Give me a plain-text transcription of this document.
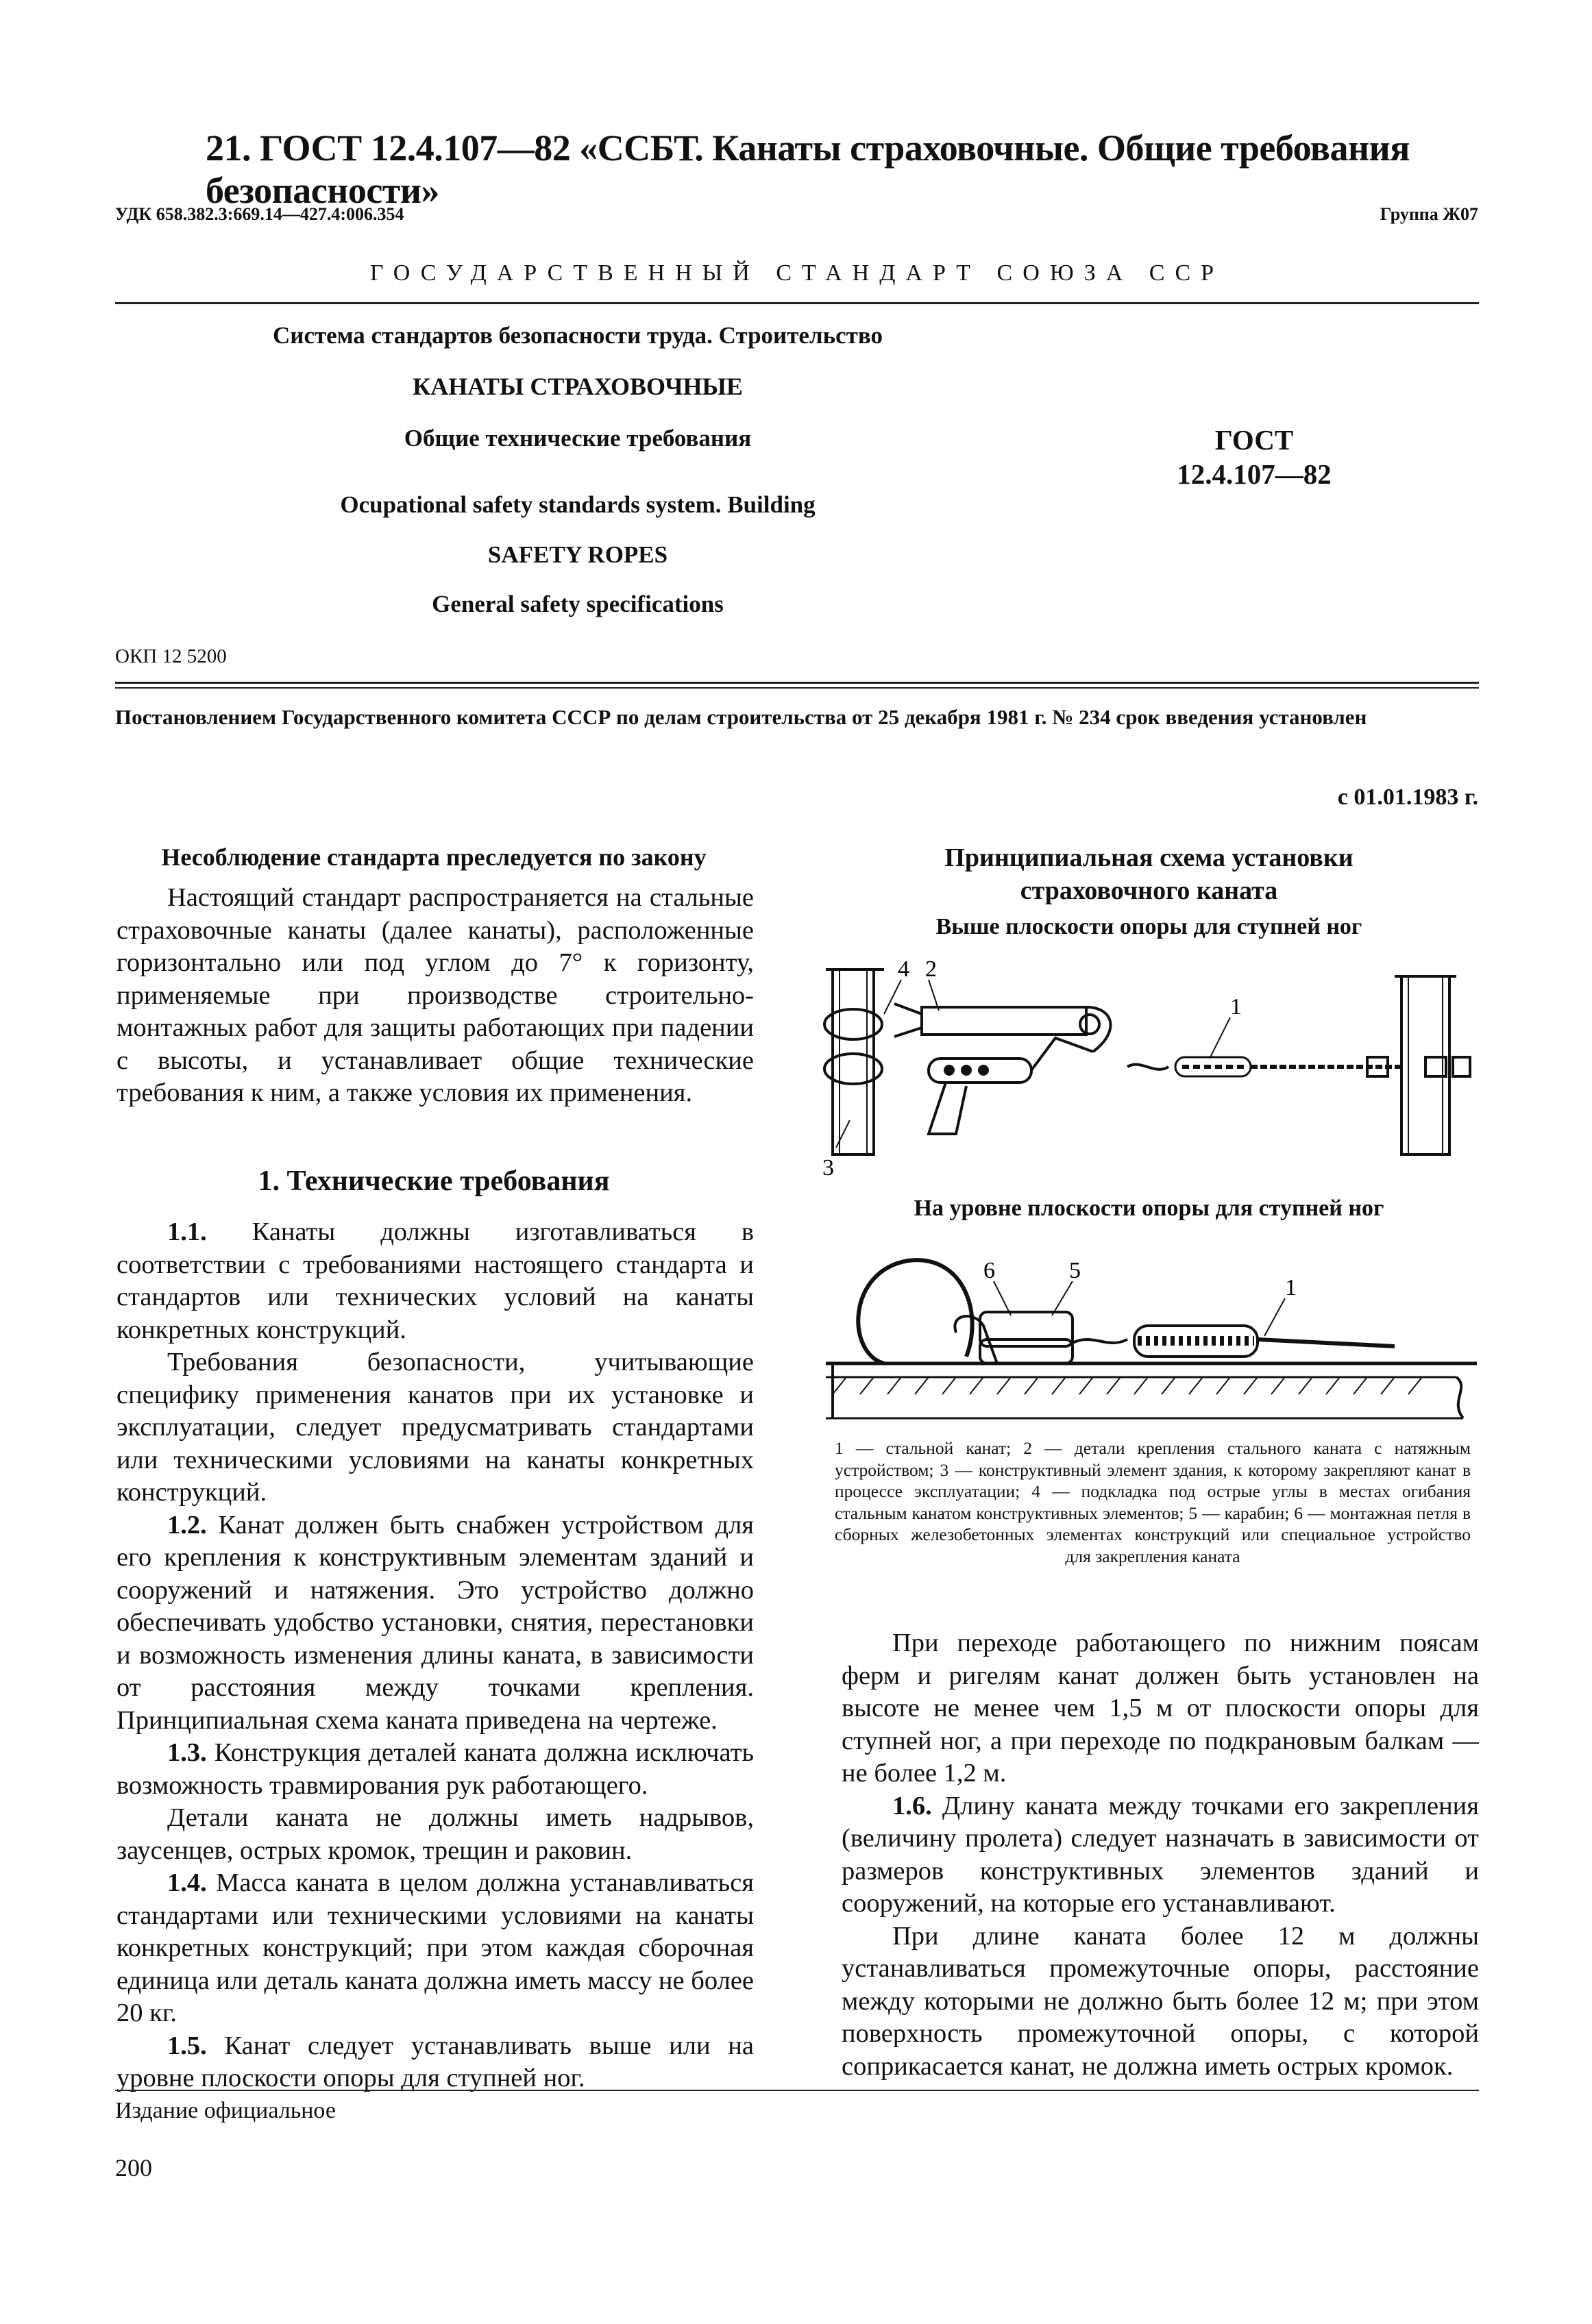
21. ГОСТ 12.4.107—82 «ССБТ. Канаты страховочные. Общие требования безопасности»
УДК 658.382.3:669.14—427.4:006.354	Группа Ж07
ГОСУДАРСТВЕННЫЙ СТАНДАРТ СОЮЗА ССР
Система стандартов безопасности труда. Строительство
КАНАТЫ СТРАХОВОЧНЫЕ
Общие технические требования	ГОСТ
12.4.107—82
Ocupational safety standards system. Building
SAFETY ROPES
General safety specifications
ОКП 12 5200
Постановлением Государственного комитета СССР по делам строительства от 25 декабря 1981 г. № 234 срок введения установлен
с 01.01.1983 г.
Несоблюдение стандарта преследуется по закону

Настоящий стандарт распространяется на стальные страховочные канаты (далее канаты), расположенные горизонтально или под углом до 7° к горизонту, применяемые при производстве строительно-монтажных работ для защиты работающих при падении с высоты, и устанавливает общие технические требования к ним, а также условия их применения.

1. Технические требования

1.1. Канаты должны изготавливаться в соответствии с требованиями настоящего стандарта и стандартов или технических условий на канаты конкретных конструкций.

Требования безопасности, учитывающие специфику применения канатов при их установке и эксплуатации, следует предусматривать стандартами или техническими условиями на канаты конкретных конструкций.

1.2. Канат должен быть снабжен устройством для его крепления к конструктивным элементам зданий и сооружений и натяжения. Это устройство должно обеспечивать удобство установки, снятия, перестановки и возможность изменения длины каната, в зависимости от расстояния между точками крепления. Принципиальная схема каната приведена на чертеже.

1.3. Конструкция деталей каната должна исключать возможность травмирования рук работающего.

Детали каната не должны иметь надрывов, заусенцев, острых кромок, трещин и раковин.

1.4. Масса каната в целом должна устанавливаться стандартами или техническими условиями на канаты конкретных конструкций; при этом каждая сборочная единица или деталь каната должна иметь массу не более 20 кг.

1.5. Канат следует устанавливать выше или на уровне плоскости опоры для ступней ног.

Принципиальная схема установки
страховочного каната
Выше плоскости опоры для ступней ног
4 2
1
3
На уровне плоскости опоры для ступней ног
6	5
1
1 — стальной канат; 2 — детали крепления стального каната с натяжным устройством; 3 — конструктивный элемент здания, к которому закрепляют канат в процессе эксплуатации; 4 — подкладка под острые углы в местах огибания стальным канатом конструктивных элементов; 5 — карабин; 6 — монтажная петля в сборных железобетонных элементах конструкций или специальное устройство
для закрепления каната

При переходе работающего по нижним поясам ферм и ригелям канат должен быть установлен на высоте не менее чем 1,5 м от плоскости опоры для ступней ног, а при переходе по подкрановым балкам — не более 1,2 м.

1.6. Длину каната между точками его закрепления (величину пролета) следует назначать в зависимости от размеров конструктивных элементов зданий и сооружений, на которые его устанавливают.

При длине каната более 12 м должны устанавливаться промежуточные опоры, расстояние между которыми не должно быть более 12 м; при этом поверхность промежуточной опоры, с которой соприкасается канат, не должна иметь острых кромок.

Издание официальное
200
